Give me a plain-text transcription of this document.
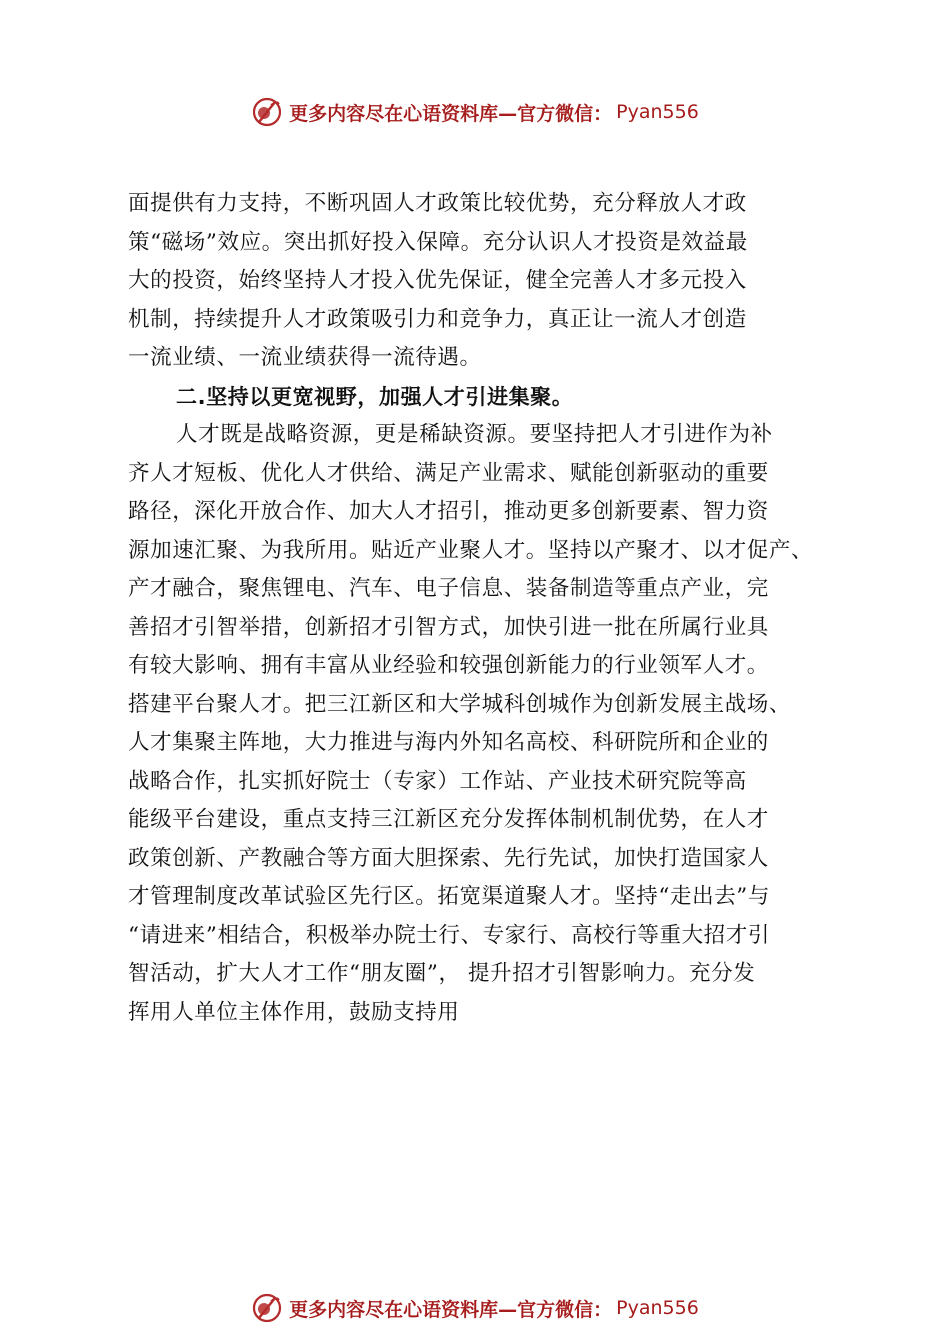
更多内容尽在心语资料库—官方微信： Pyan556
面提供有力支持，不断巩固人才政策比较优势，充分释放人才政
策“磁场”效应。突出抓好投入保障。充分认识人才投资是效益最
大的投资，始终坚持人才投入优先保证，健全完善人才多元投入
机制，持续提升人才政策吸引力和竞争力，真正让一流人才创造
一流业绩、一流业绩获得一流待遇。
二.坚持以更宽视野，加强人才引进集聚。
人才既是战略资源，更是稀缺资源。要坚持把人才引进作为补
齐人才短板、优化人才供给、满足产业需求、赋能创新驱动的重要
路径，深化开放合作、加大人才招引，推动更多创新要素、智力资
源加速汇聚、为我所用。贴近产业聚人才。坚持以产聚才、以才促产、
产才融合，聚焦锂电、汽车、电子信息、装备制造等重点产业，完
善招才引智举措，创新招才引智方式，加快引进一批在所属行业具
有较大影响、拥有丰富从业经验和较强创新能力的行业领军人才。
搭建平台聚人才。把三江新区和大学城科创城作为创新发展主战场、
人才集聚主阵地，大力推进与海内外知名高校、科研院所和企业的
战略合作，扎实抓好院士（专家）工作站、产业技术研究院等高
能级平台建设，重点支持三江新区充分发挥体制机制优势，在人才
政策创新、产教融合等方面大胆探索、先行先试，加快打造国家人
才管理制度改革试验区先行区。拓宽渠道聚人才。坚持“走出去”与
“请进来”相结合，积极举办院士行、专家行、高校行等重大招才引
智活动，扩大人才工作“朋友圈”， 提升招才引智影响力。充分发
挥用人单位主体作用，鼓励支持用
更多内容尽在心语资料库—官方微信： Pyan556
